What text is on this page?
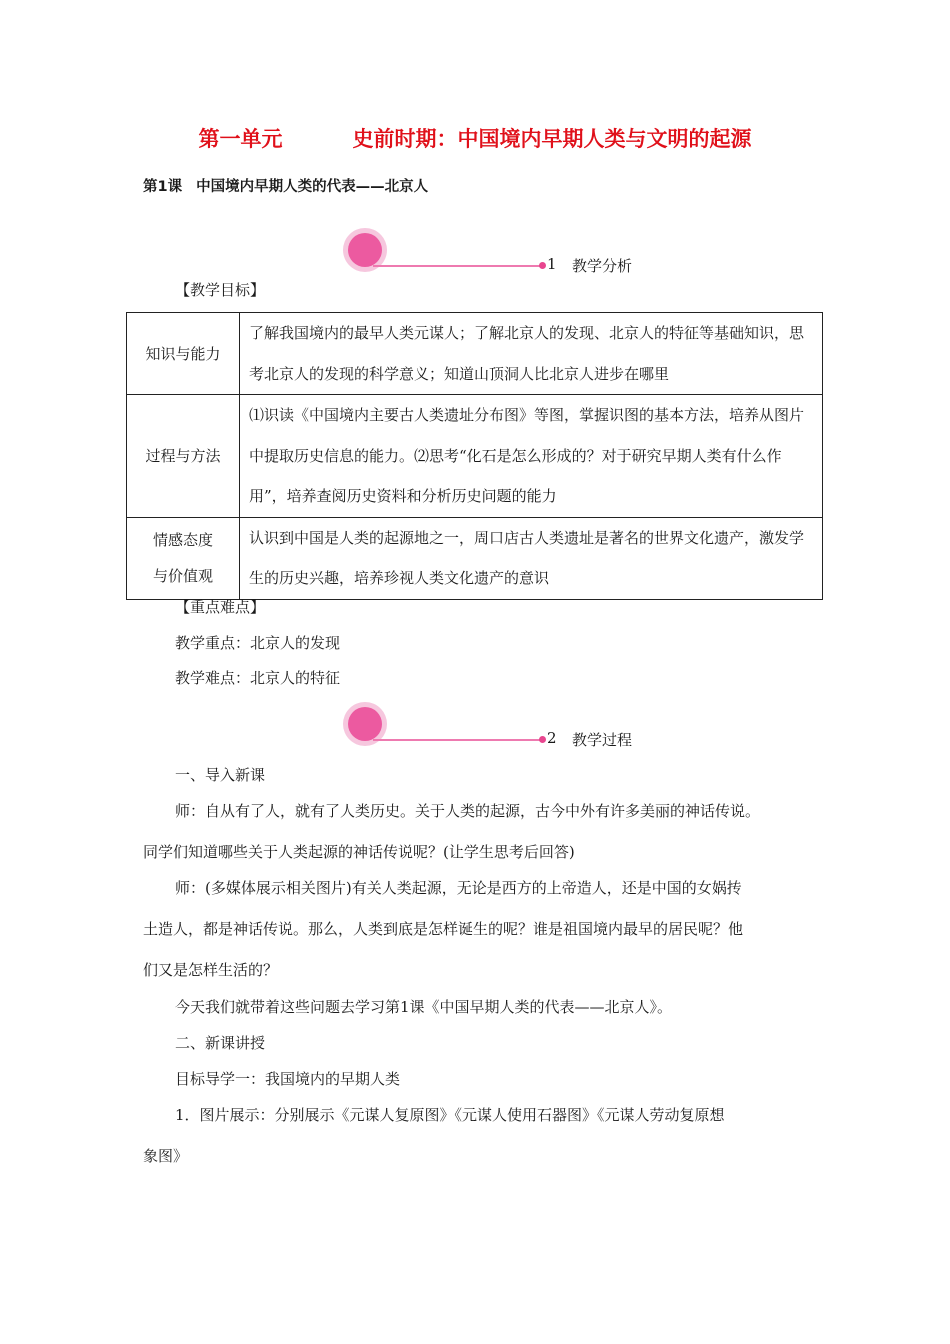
第一单元	史前时期：中国境内早期人类与文明的起源
第1课 中国境内早期人类的代表——北京人
1 教学分析
【教学目标】
知识与能力	了解我国境内的最早人类元谋人；了解北京人的发现、北京人的特征等基础知识，思考北京人的发现的科学意义；知道山顶洞人比北京人进步在哪里
过程与方法	⑴识读《中国境内主要古人类遗址分布图》等图，掌握识图的基本方法，培养从图片中提取历史信息的能力。⑵思考“化石是怎么形成的？对于研究早期人类有什么作用”，培养查阅历史资料和分析历史问题的能力

情感态度
与价值观	认识到中国是人类的起源地之一，周口店古人类遗址是著名的世界文化遗产，激发学生的历史兴趣，培养珍视人类文化遗产的意识
【重点难点】
教学重点：北京人的发现
教学难点：北京人的特征
2 教学过程
一、导入新课
师：自从有了人，就有了人类历史。关于人类的起源，古今中外有许多美丽的神话传说。
同学们知道哪些关于人类起源的神话传说呢？(让学生思考后回答)
师：(多媒体展示相关图片)有关人类起源，无论是西方的上帝造人，还是中国的女娲抟
土造人，都是神话传说。那么，人类到底是怎样诞生的呢？谁是祖国境内最早的居民呢？他
们又是怎样生活的？
今天我们就带着这些问题去学习第1课《中国早期人类的代表——北京人》。
二、新课讲授
目标导学一：我国境内的早期人类
1．图片展示：分别展示《元谋人复原图》《元谋人使用石器图》《元谋人劳动复原想
象图》
